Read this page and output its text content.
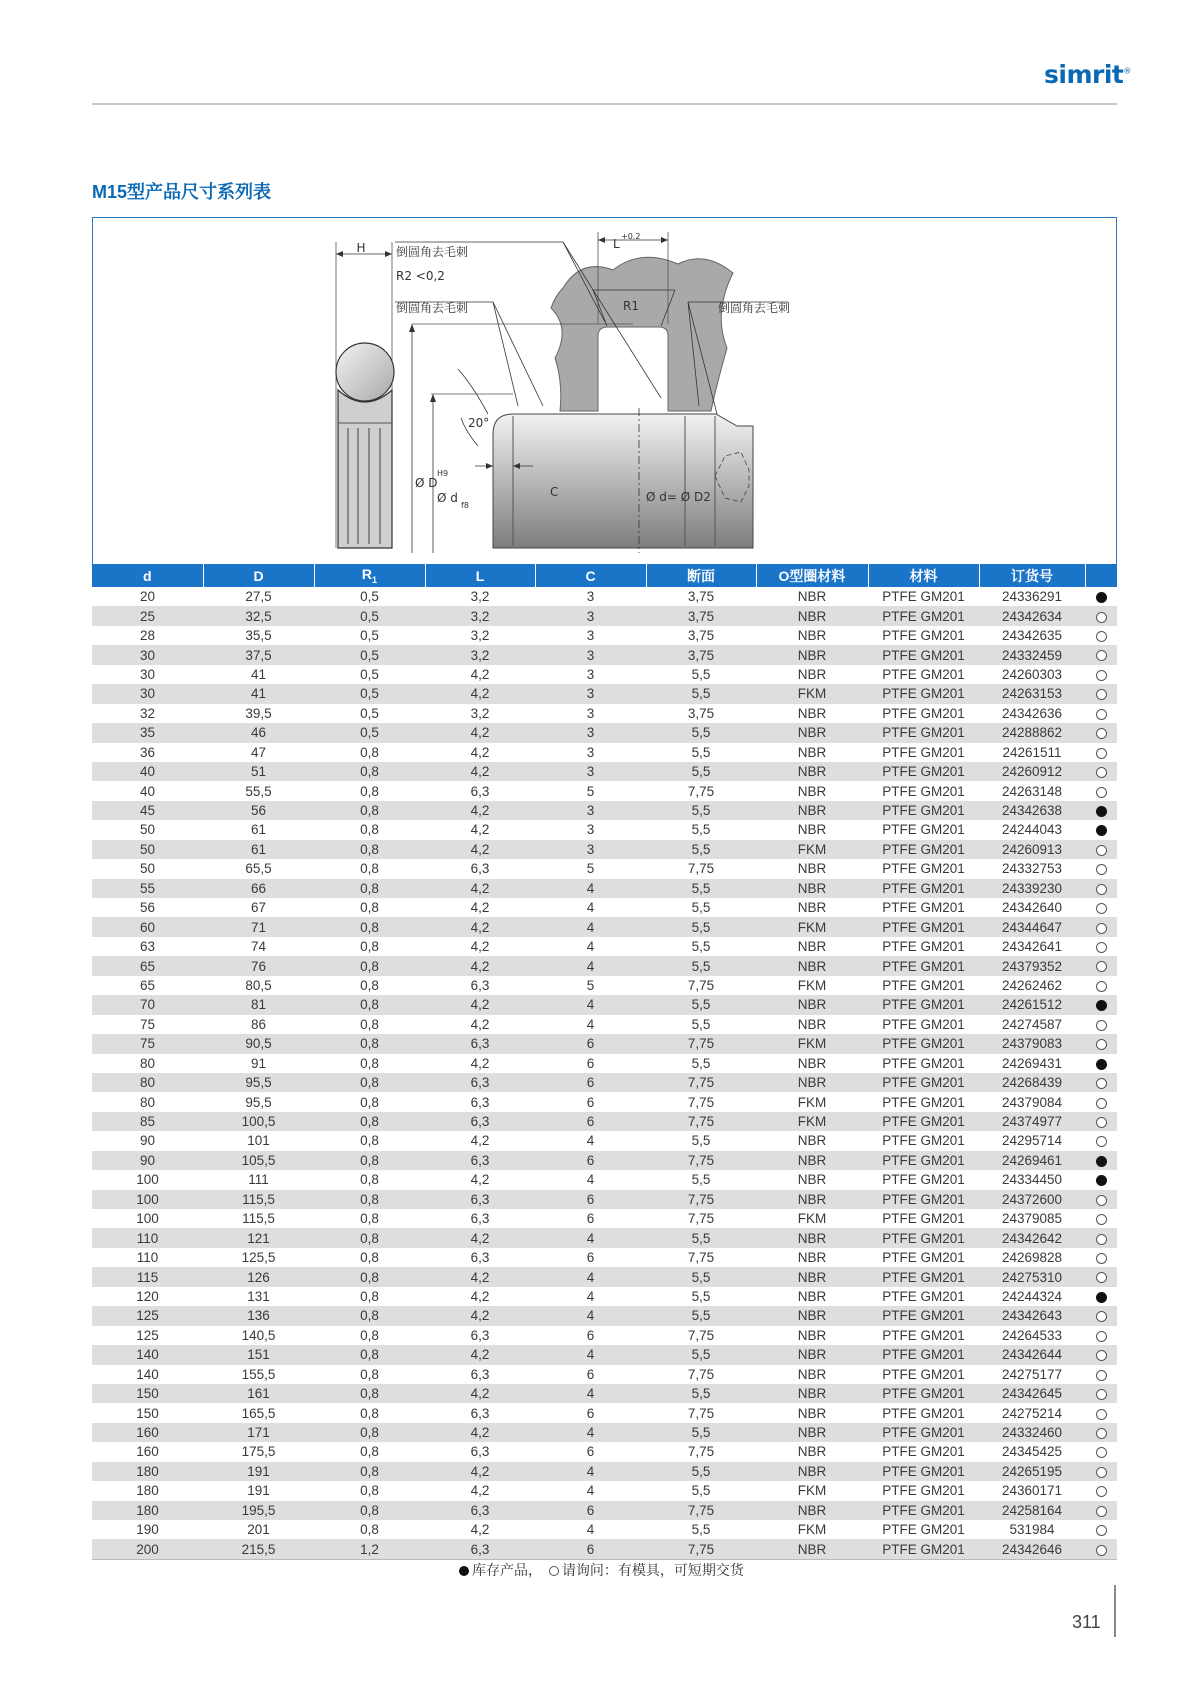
simrit®
M15型产品尺寸系列表
H	倒圆角去毛刺
R2 <0,2
倒圆角去毛刺
L
+0.2
R1	倒圆角去毛刺
20°
Ø D
H9
Ø d
f8
C	Ø d= Ø D2
d	D	$R_1$	L	C	断面	O型圈材料	材料	订货号	
20	27,5	0,5	3,2	3	3,75	NBR	PTFE GM201	24336291	
25	32,5	0,5	3,2	3	3,75	NBR	PTFE GM201	24342634	
28	35,5	0,5	3,2	3	3,75	NBR	PTFE GM201	24342635	
30	37,5	0,5	3,2	3	3,75	NBR	PTFE GM201	24332459	
30	41	0,5	4,2	3	5,5	NBR	PTFE GM201	24260303	
30	41	0,5	4,2	3	5,5	FKM	PTFE GM201	24263153	
32	39,5	0,5	3,2	3	3,75	NBR	PTFE GM201	24342636	
35	46	0,5	4,2	3	5,5	NBR	PTFE GM201	24288862	
36	47	0,8	4,2	3	5,5	NBR	PTFE GM201	24261511	
40	51	0,8	4,2	3	5,5	NBR	PTFE GM201	24260912	
40	55,5	0,8	6,3	5	7,75	NBR	PTFE GM201	24263148	
45	56	0,8	4,2	3	5,5	NBR	PTFE GM201	24342638	
50	61	0,8	4,2	3	5,5	NBR	PTFE GM201	24244043	
50	61	0,8	4,2	3	5,5	FKM	PTFE GM201	24260913	
50	65,5	0,8	6,3	5	7,75	NBR	PTFE GM201	24332753	
55	66	0,8	4,2	4	5,5	NBR	PTFE GM201	24339230	
56	67	0,8	4,2	4	5,5	NBR	PTFE GM201	24342640	
60	71	0,8	4,2	4	5,5	FKM	PTFE GM201	24344647	
63	74	0,8	4,2	4	5,5	NBR	PTFE GM201	24342641	
65	76	0,8	4,2	4	5,5	NBR	PTFE GM201	24379352	
65	80,5	0,8	6,3	5	7,75	FKM	PTFE GM201	24262462	
70	81	0,8	4,2	4	5,5	NBR	PTFE GM201	24261512	
75	86	0,8	4,2	4	5,5	NBR	PTFE GM201	24274587	
75	90,5	0,8	6,3	6	7,75	FKM	PTFE GM201	24379083	
80	91	0,8	4,2	6	5,5	NBR	PTFE GM201	24269431	
80	95,5	0,8	6,3	6	7,75	NBR	PTFE GM201	24268439	
80	95,5	0,8	6,3	6	7,75	FKM	PTFE GM201	24379084	
85	100,5	0,8	6,3	6	7,75	FKM	PTFE GM201	24374977	
90	101	0,8	4,2	4	5,5	NBR	PTFE GM201	24295714	
90	105,5	0,8	6,3	6	7,75	NBR	PTFE GM201	24269461	
100	111	0,8	4,2	4	5,5	NBR	PTFE GM201	24334450	
100	115,5	0,8	6,3	6	7,75	NBR	PTFE GM201	24372600	
100	115,5	0,8	6,3	6	7,75	FKM	PTFE GM201	24379085	
110	121	0,8	4,2	4	5,5	NBR	PTFE GM201	24342642	
110	125,5	0,8	6,3	6	7,75	NBR	PTFE GM201	24269828	
115	126	0,8	4,2	4	5,5	NBR	PTFE GM201	24275310	
120	131	0,8	4,2	4	5,5	NBR	PTFE GM201	24244324	
125	136	0,8	4,2	4	5,5	NBR	PTFE GM201	24342643	
125	140,5	0,8	6,3	6	7,75	NBR	PTFE GM201	24264533	
140	151	0,8	4,2	4	5,5	NBR	PTFE GM201	24342644	
140	155,5	0,8	6,3	6	7,75	NBR	PTFE GM201	24275177	
150	161	0,8	4,2	4	5,5	NBR	PTFE GM201	24342645	
150	165,5	0,8	6,3	6	7,75	NBR	PTFE GM201	24275214	
160	171	0,8	4,2	4	5,5	NBR	PTFE GM201	24332460	
160	175,5	0,8	6,3	6	7,75	NBR	PTFE GM201	24345425	
180	191	0,8	4,2	4	5,5	NBR	PTFE GM201	24265195	
180	191	0,8	4,2	4	5,5	FKM	PTFE GM201	24360171	
180	195,5	0,8	6,3	6	7,75	NBR	PTFE GM201	24258164	
190	201	0,8	4,2	4	5,5	FKM	PTFE GM201	531984	
200	215,5	1,2	6,3	6	7,75	NBR	PTFE GM201	24342646	
库存产品， 请询问：有模具，可短期交货
311
